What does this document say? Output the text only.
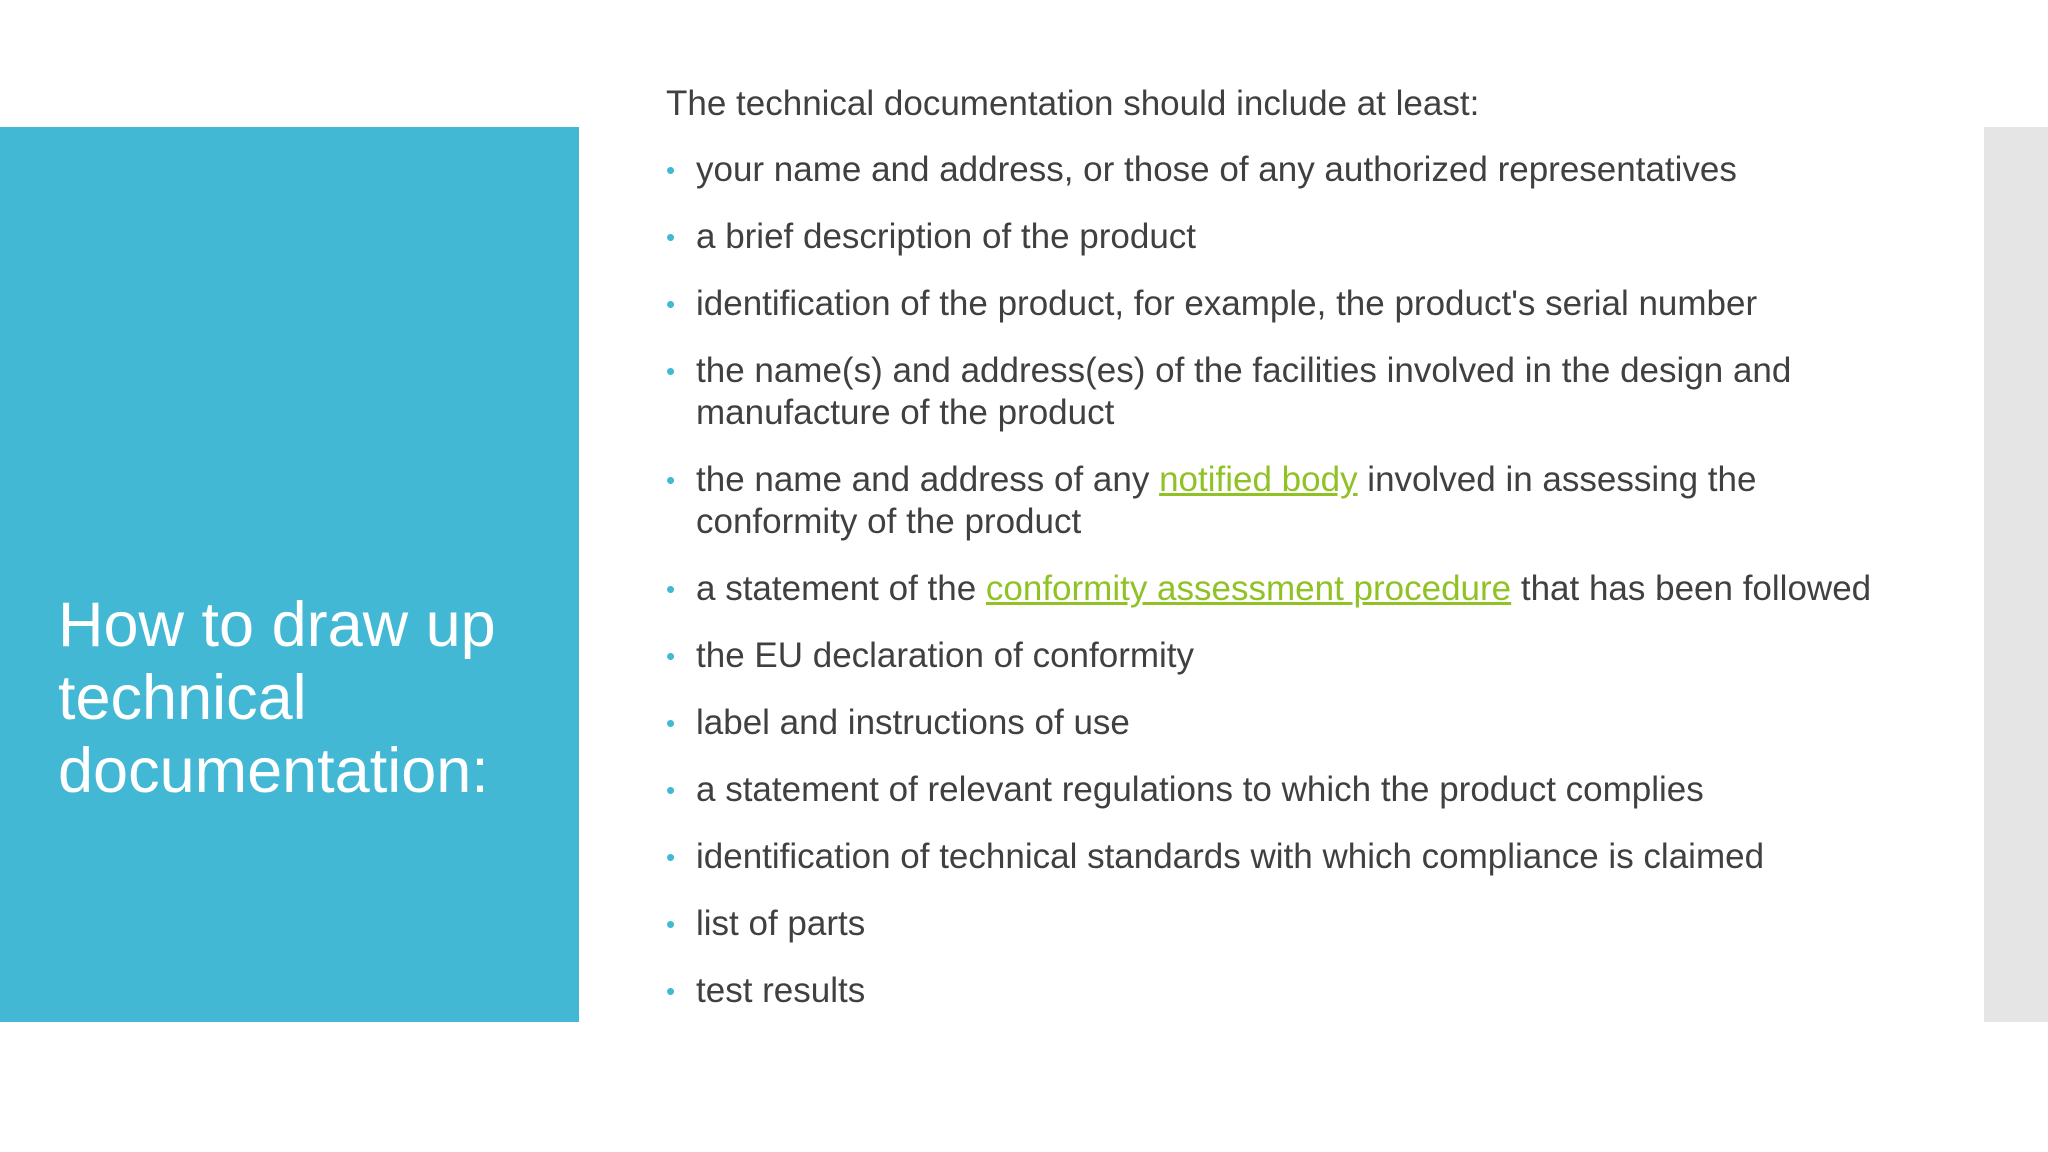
How to draw up technical documentation:

The technical documentation should include at least:

• your name and address, or those of any authorized representatives
• a brief description of the product
• identification of the product, for example, the product's serial number
• the name(s) and address(es) of the facilities involved in the design and manufacture of the product
• the name and address of any notified body involved in assessing the conformity of the product
• a statement of the conformity assessment procedure that has been followed
• the EU declaration of conformity
• label and instructions of use
• a statement of relevant regulations to which the product complies
• identification of technical standards with which compliance is claimed
• list of parts
• test results
